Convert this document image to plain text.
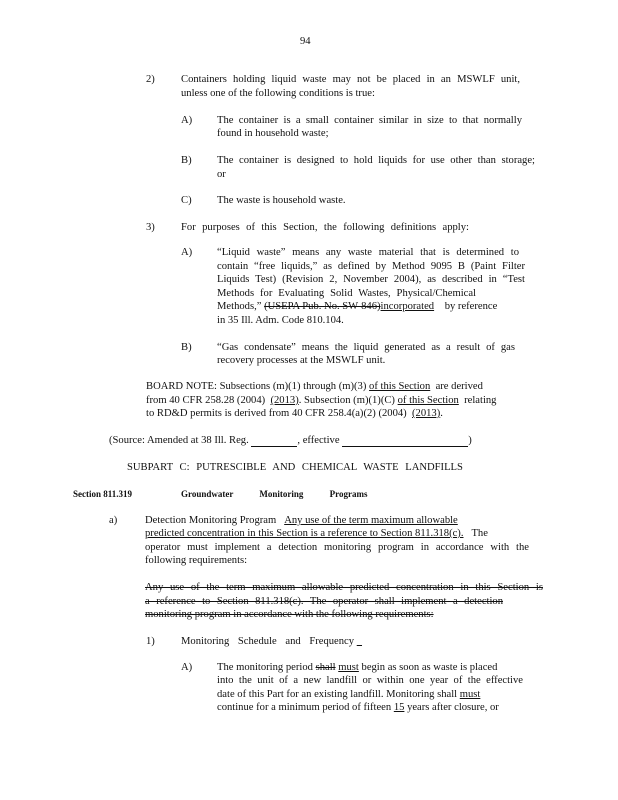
94
2) Containers holding liquid waste may not be placed in an MSWLF unit,
unless one of the following conditions is true:
A) The container is a small container similar in size to that normally
found in household waste;
B) The container is designed to hold liquids for use other than storage;
or
C) The waste is household waste.
3) For purposes of this Section, the following definitions apply:
A) “Liquid waste” means any waste material that is determined to
contain “free liquids,” as defined by Method 9095 B (Paint Filter
Liquids Test) (Revision 2, November 2004), as described in “Test
Methods for Evaluating Solid Wastes, Physical/Chemical
Methods,” (USEPA Pub. No. SW-846)incorporated by reference
in 35 Ill. Adm. Code 810.104.
B) “Gas condensate” means the liquid generated as a result of gas
recovery processes at the MSWLF unit.
BOARD NOTE: Subsections (m)(1) through (m)(3) of this Section are derived
from 40 CFR 258.28 (2004) (2013). Subsection (m)(1)(C) of this Section relating
to RD&D permits is derived from 40 CFR 258.4(a)(2) (2004) (2013).
(Source: Amended at 38 Ill. Reg.	, effective	)
SUBPART C: PUTRESCIBLE AND CHEMICAL WASTE LANDFILLS
Section 811.319	Groundwater Monitoring Programs
a)	Detection Monitoring Program Any use of the term maximum allowable
predicted concentration in this Section is a reference to Section 811.318(c). The
operator must implement a detection monitoring program in accordance with the
following requirements:
Any use of the term maximum allowable predicted concentration in this Section is
a reference to Section 811.318(c). The operator shall implement a detection
monitoring program in accordance with the following requirements:
1) Monitoring Schedule and Frequency
A) The monitoring period shall must begin as soon as waste is placed
into the unit of a new landfill or within one year of the effective
date of this Part for an existing landfill. Monitoring shall must
continue for a minimum period of fifteen 15 years after closure, or
